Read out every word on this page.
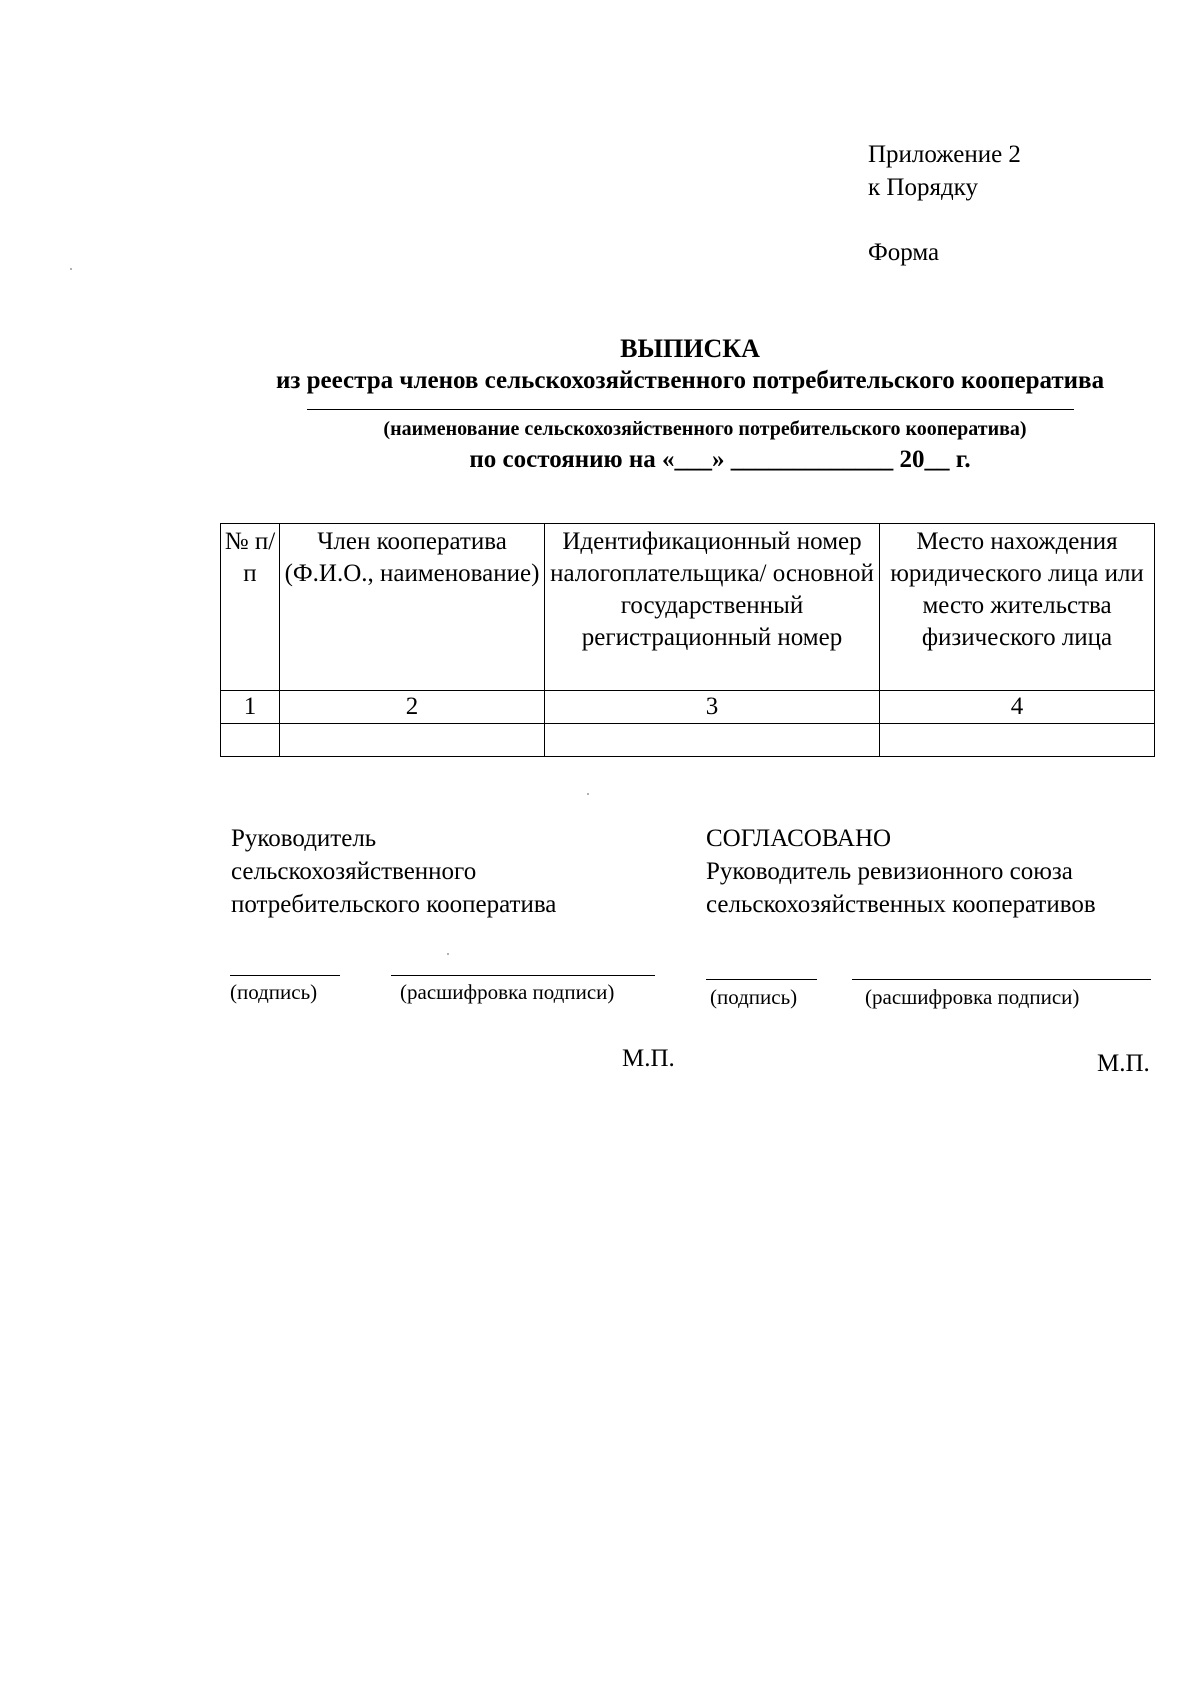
Приложение 2
к Порядку
Форма
ВЫПИСКА
из реестра членов сельскохозяйственного потребительского кооператива
(наименование сельскохозяйственного потребительского кооператива)
по состоянию на «___» _____________ 20__ г.
№ п/п	Член кооператива (Ф.И.О., наименование)	Идентификационный номер налогоплательщика/ основной государственный регистрационный номер	Место нахождения юридического лица или место жительства физического лица
1	2	3	4

Руководитель
сельскохозяйственного
потребительского кооператива
СОГЛАСОВАНО
Руководитель ревизионного союза
сельскохозяйственных кооперативов
(подпись)	(расшифровка подписи)	(подпись)	(расшифровка подписи)
М.П.	М.П.
